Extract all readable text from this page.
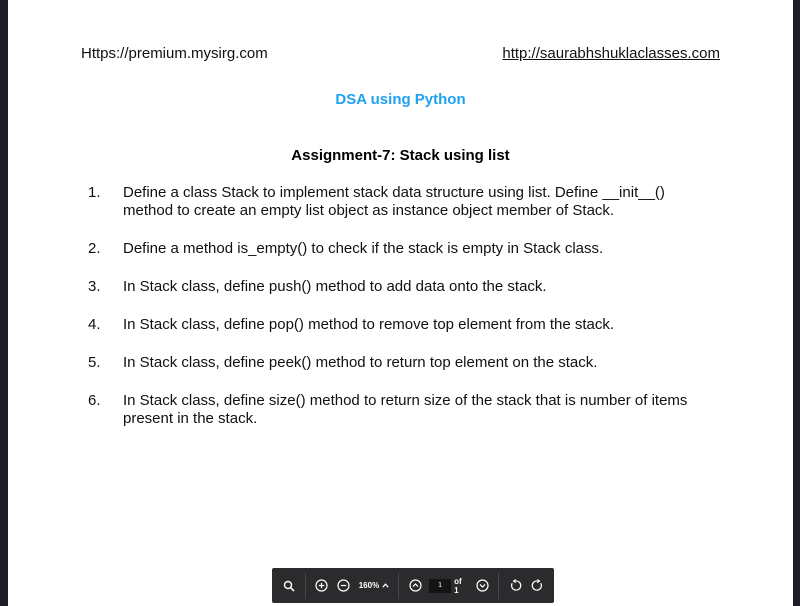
Https://premium.mysirg.com	http://saurabhshuklaclasses.com
DSA using Python
Assignment-7: Stack using list
1.	Define a class Stack to implement stack data structure using list. Define __init__() method to create an empty list object as instance object member of Stack.
2.	Define a method is_empty() to check if the stack is empty in Stack class.
3.	In Stack class, define push() method to add data onto the stack.
4.	In Stack class, define pop() method to remove top element from the stack.
5.	In Stack class, define peek() method to return top element on the stack.
6.	In Stack class, define size() method to return size of the stack that is number of items present in the stack.
160%
1	of 1
